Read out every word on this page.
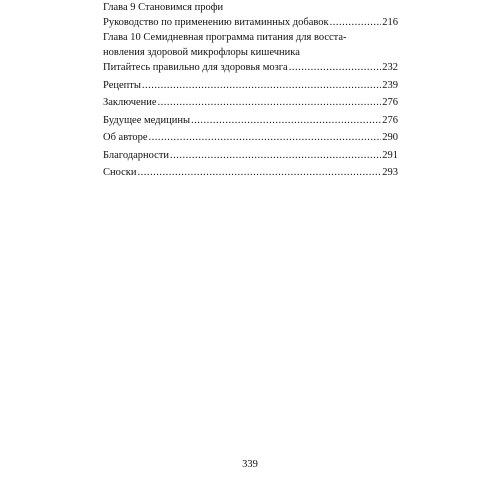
Глава 9 Становимся профи
Руководство по применению витаминных добавок .....	216
Глава 10 Семидневная программа питания для восста-
новления здоровой микрофлоры кишечника
Питайтесь правильно для здоровья мозга .....	232
Рецепты .....	239
Заключение .....	276
Будущее медицины .....	276
Об авторе .....	290
Благодарности .....	291
Сноски .....	293
339
